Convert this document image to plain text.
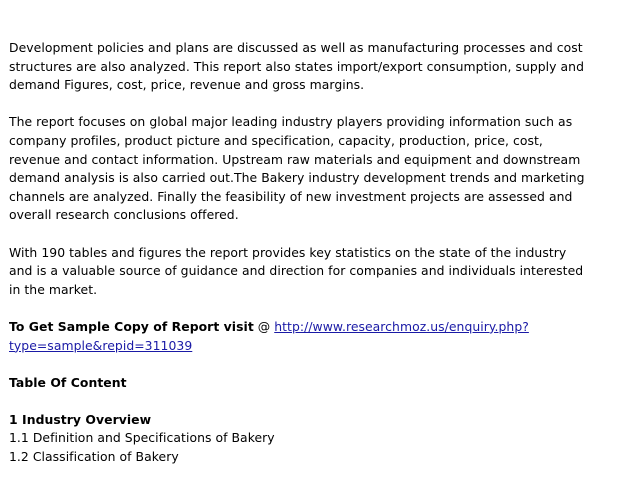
Development policies and plans are discussed as well as manufacturing processes and cost
structures are also analyzed. This report also states import/export consumption, supply and
demand Figures, cost, price, revenue and gross margins.
The report focuses on global major leading industry players providing information such as
company profiles, product picture and specification, capacity, production, price, cost,
revenue and contact information. Upstream raw materials and equipment and downstream
demand analysis is also carried out.The Bakery industry development trends and marketing
channels are analyzed. Finally the feasibility of new investment projects are assessed and
overall research conclusions offered.
With 190 tables and figures the report provides key statistics on the state of the industry
and is a valuable source of guidance and direction for companies and individuals interested
in the market.
To Get Sample Copy of Report visit @ http://www.researchmoz.us/enquiry.php?
type=sample&repid=311039
Table Of Content
1 Industry Overview
1.1 Definition and Specifications of Bakery
1.2 Classification of Bakery
